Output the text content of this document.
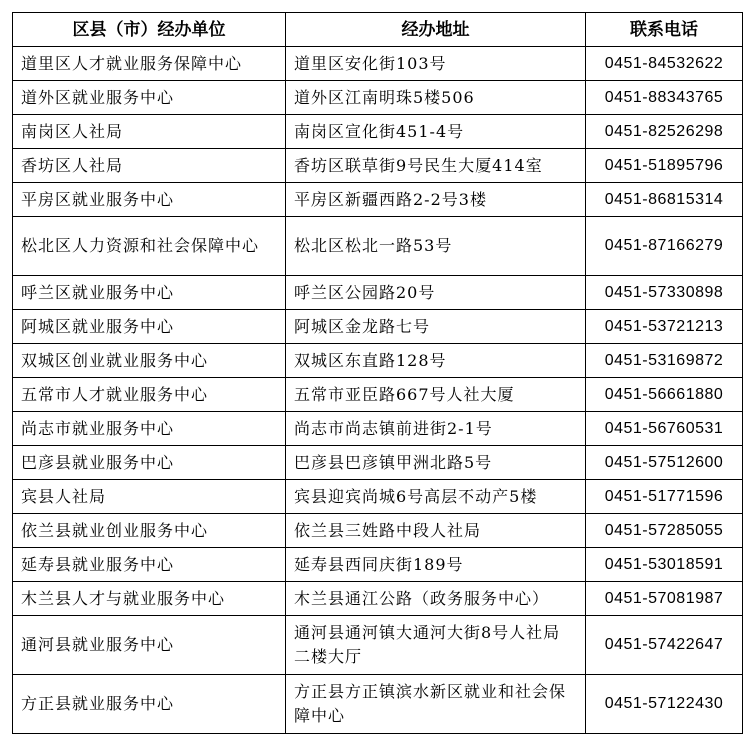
区县（市）经办单位	经办地址	联系电话
道里区人才就业服务保障中心	道里区安化街103号	0451-84532622
道外区就业服务中心	道外区江南明珠5楼506	0451-88343765
南岗区人社局	南岗区宣化街451-4号	0451-82526298
香坊区人社局	香坊区联草街9号民生大厦414室	0451-51895796
平房区就业服务中心	平房区新疆西路2-2号3楼	0451-86815314
松北区人力资源和社会保障中心	松北区松北一路53号	0451-87166279
呼兰区就业服务中心	呼兰区公园路20号	0451-57330898
阿城区就业服务中心	阿城区金龙路七号	0451-53721213
双城区创业就业服务中心	双城区东直路128号	0451-53169872
五常市人才就业服务中心	五常市亚臣路667号人社大厦	0451-56661880
尚志市就业服务中心	尚志市尚志镇前进街2-1号	0451-56760531
巴彦县就业服务中心	巴彦县巴彦镇甲洲北路5号	0451-57512600
宾县人社局	宾县迎宾尚城6号高层不动产5楼	0451-51771596
依兰县就业创业服务中心	依兰县三姓路中段人社局	0451-57285055
延寿县就业服务中心	延寿县西同庆街189号	0451-53018591
木兰县人才与就业服务中心	木兰县通江公路（政务服务中心）	0451-57081987
通河县就业服务中心	通河县通河镇大通河大街8号人社局二楼大厅	0451-57422647
方正县就业服务中心	方正县方正镇滨水新区就业和社会保障中心	0451-57122430
